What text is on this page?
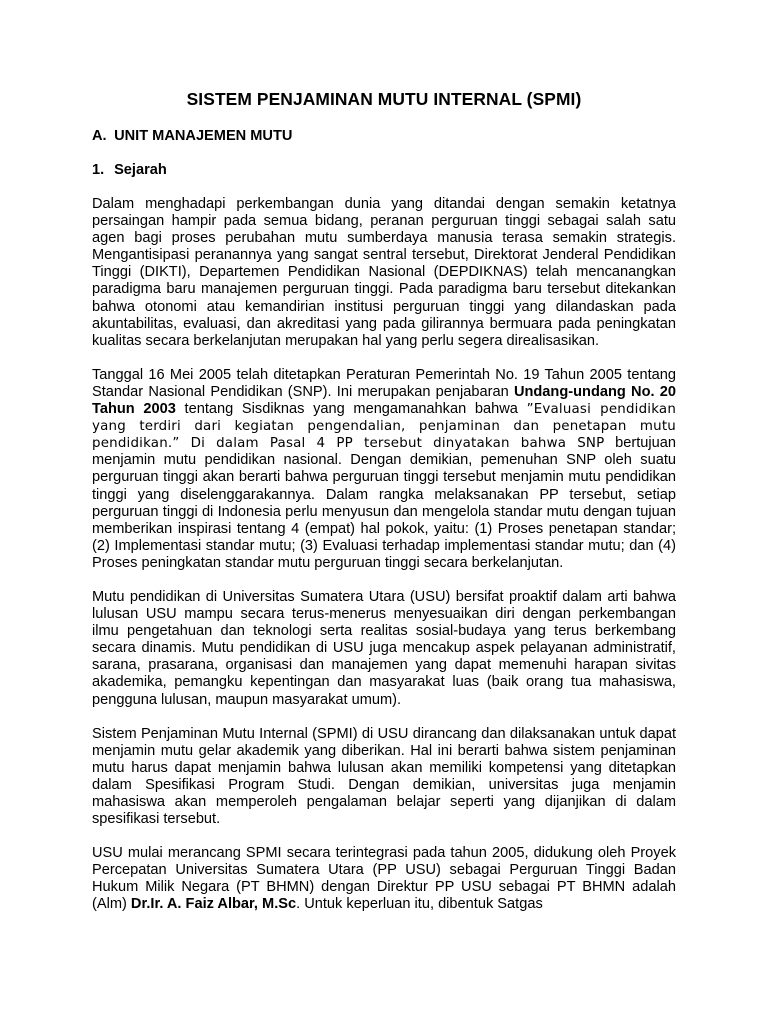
SISTEM PENJAMINAN MUTU INTERNAL (SPMI)
A. UNIT MANAJEMEN MUTU
1. Sejarah

Dalam menghadapi perkembangan dunia yang ditandai dengan semakin ketatnya persaingan hampir pada semua bidang, peranan perguruan tinggi sebagai salah satu agen bagi proses perubahan mutu sumberdaya manusia terasa semakin strategis. Mengantisipasi peranannya yang sangat sentral tersebut, Direktorat Jenderal Pendidikan Tinggi (DIKTI), Departemen Pendidikan Nasional (DEPDIKNAS) telah mencanangkan paradigma baru manajemen perguruan tinggi. Pada paradigma baru tersebut ditekankan bahwa otonomi atau kemandirian institusi perguruan tinggi yang dilandaskan pada akuntabilitas, evaluasi, dan akreditasi yang pada gilirannya bermuara pada peningkatan kualitas secara berkelanjutan merupakan hal yang perlu segera direalisasikan.

Tanggal 16 Mei 2005 telah ditetapkan Peraturan Pemerintah No. 19 Tahun 2005 tentang Standar Nasional Pendidikan (SNP). Ini merupakan penjabaran Undang-undang No. 20 Tahun 2003 tentang Sisdiknas yang mengamanahkan bahwa ”Evaluasi pendidikan yang terdiri dari kegiatan pengendalian, penjaminan dan penetapan mutu pendidikan.” Di dalam Pasal 4 PP tersebut dinyatakan bahwa SNP bertujuan menjamin mutu pendidikan nasional. Dengan demikian, pemenuhan SNP oleh suatu perguruan tinggi akan berarti bahwa perguruan tinggi tersebut menjamin mutu pendidikan tinggi yang diselenggarakannya. Dalam rangka melaksanakan PP tersebut, setiap perguruan tinggi di Indonesia perlu menyusun dan mengelola standar mutu dengan tujuan memberikan inspirasi tentang 4 (empat) hal pokok, yaitu: (1) Proses penetapan standar; (2) Implementasi standar mutu; (3) Evaluasi terhadap implementasi standar mutu; dan (4) Proses peningkatan standar mutu perguruan tinggi secara berkelanjutan.

Mutu pendidikan di Universitas Sumatera Utara (USU) bersifat proaktif dalam arti bahwa lulusan USU mampu secara terus-menerus menyesuaikan diri dengan perkembangan ilmu pengetahuan dan teknologi serta realitas sosial-budaya yang terus berkembang secara dinamis. Mutu pendidikan di USU juga mencakup aspek pelayanan administratif, sarana, prasarana, organisasi dan manajemen yang dapat memenuhi harapan sivitas akademika, pemangku kepentingan dan masyarakat luas (baik orang tua mahasiswa, pengguna lulusan, maupun masyarakat umum).

Sistem Penjaminan Mutu Internal (SPMI) di USU dirancang dan dilaksanakan untuk dapat menjamin mutu gelar akademik yang diberikan. Hal ini berarti bahwa sistem penjaminan mutu harus dapat menjamin bahwa lulusan akan memiliki kompetensi yang ditetapkan dalam Spesifikasi Program Studi. Dengan demikian, universitas juga menjamin mahasiswa akan memperoleh pengalaman belajar seperti yang dijanjikan di dalam spesifikasi tersebut.

USU mulai merancang SPMI secara terintegrasi pada tahun 2005, didukung oleh Proyek Percepatan Universitas Sumatera Utara (PP USU) sebagai Perguruan Tinggi Badan Hukum Milik Negara (PT BHMN) dengan Direktur PP USU sebagai PT BHMN adalah (Alm) Dr.Ir. A. Faiz Albar, M.Sc. Untuk keperluan itu, dibentuk Satgas
